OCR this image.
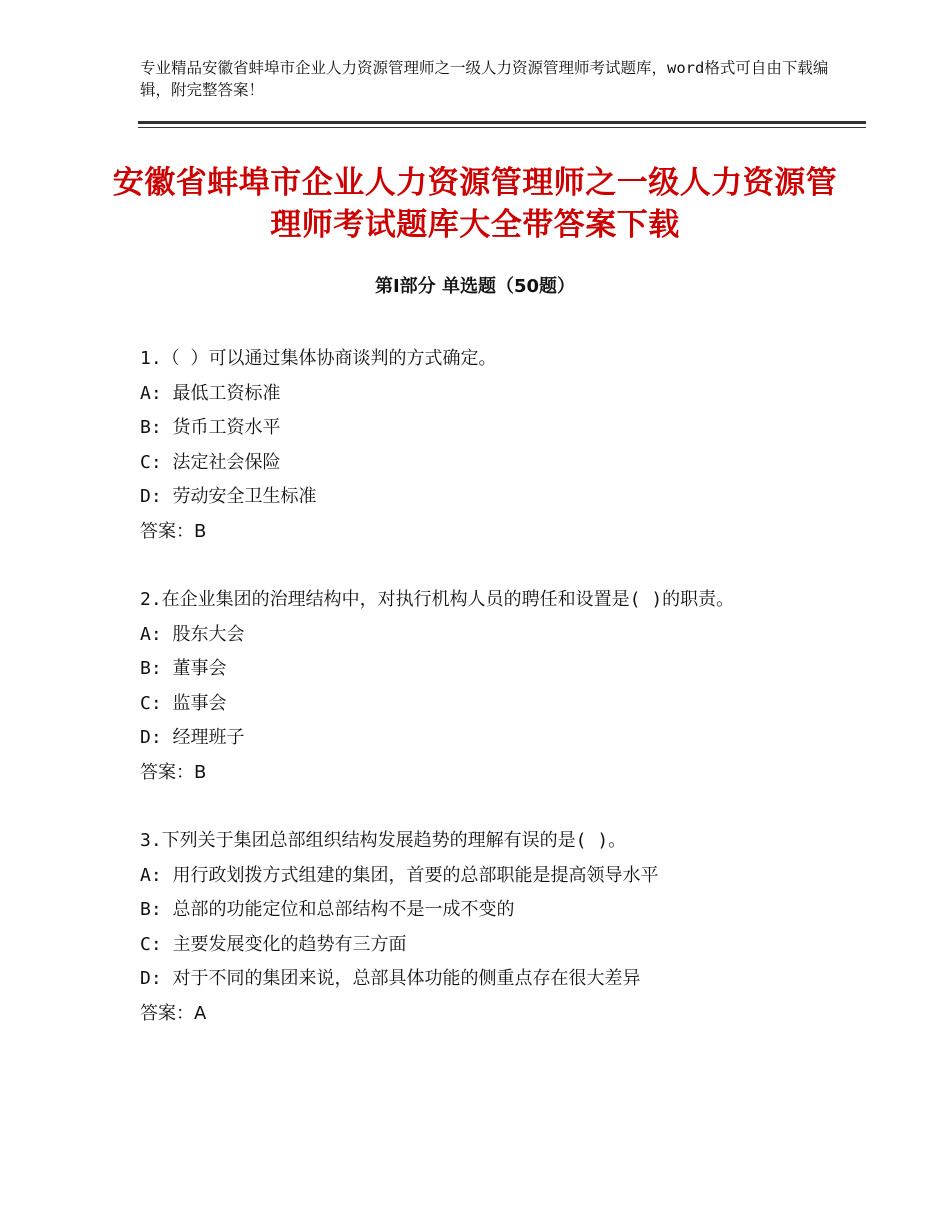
专业精品安徽省蚌埠市企业人力资源管理师之一级人力资源管理师考试题库，word格式可自由下载编辑，附完整答案！
安徽省蚌埠市企业人力资源管理师之一级人力资源管理师考试题库大全带答案下载
第Ⅰ部分 单选题（50题）
1.（ ）可以通过集体协商谈判的方式确定。
A: 最低工资标准
B: 货币工资水平
C: 法定社会保险
D: 劳动安全卫生标准
答案：B
2.在企业集团的治理结构中，对执行机构人员的聘任和设置是( )的职责。
A: 股东大会
B: 董事会
C: 监事会
D: 经理班子
答案：B
3.下列关于集团总部组织结构发展趋势的理解有误的是( )。
A: 用行政划拨方式组建的集团，首要的总部职能是提高领导水平
B: 总部的功能定位和总部结构不是一成不变的
C: 主要发展变化的趋势有三方面
D: 对于不同的集团来说，总部具体功能的侧重点存在很大差异
答案：A
